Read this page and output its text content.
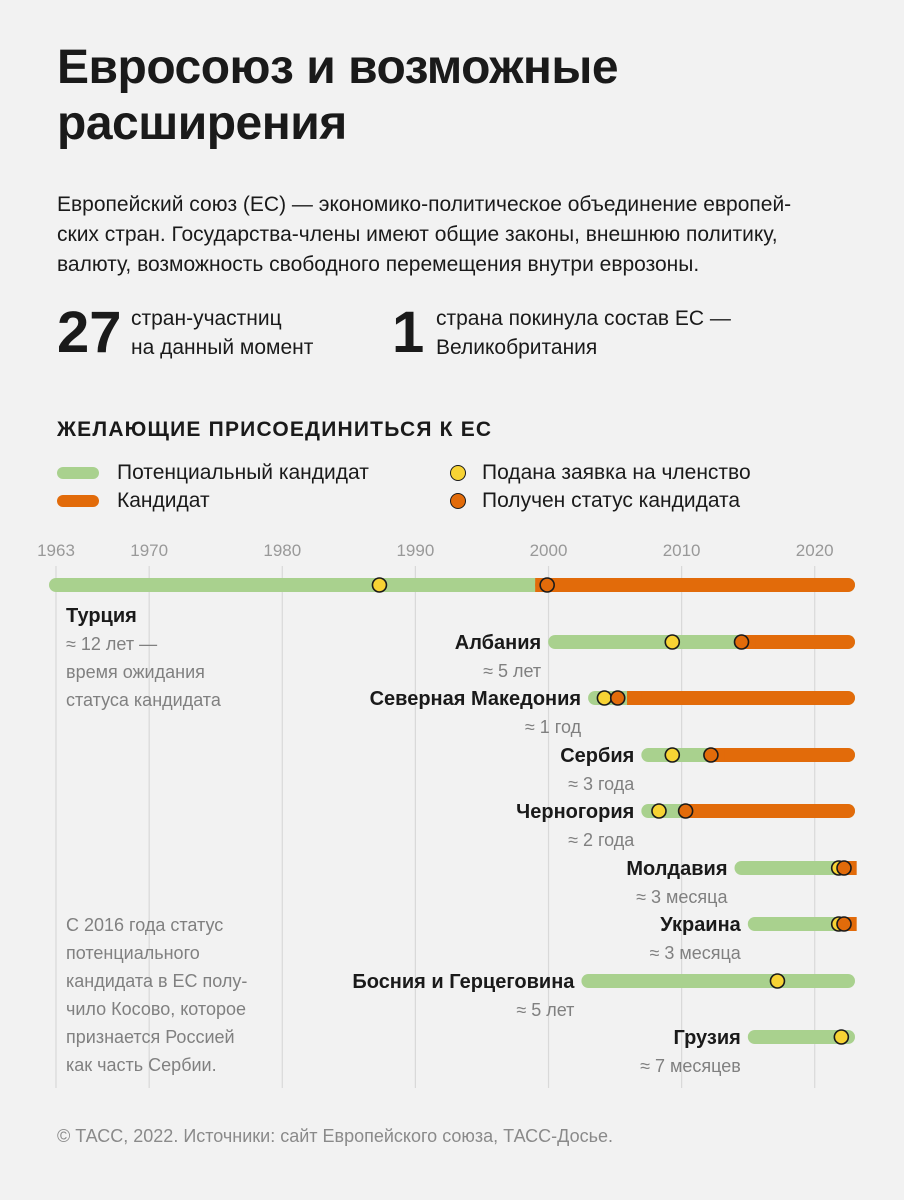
Евросоюз и возможные расширения

Европейский союз (ЕС) — экономико-политическое объединение европей-
ских стран. Государства-члены имеют общие законы, внешнюю политику,
валюту, возможность свободного перемещения внутри еврозоны.

27 стран-участниц
на данный момент 1 страна покинула состав ЕС —
Великобритания
ЖЕЛАЮЩИЕ ПРИСОЕДИНИТЬСЯ К ЕС
Потенциальный кандидат
Кандидат
Подана заявка на членство
Получен статус кандидата
1963	1970	1980	1990	2000	2010	2020
Турция
≈ 12 лет —
время ожидания
статуса кандидата
Албания
≈ 5 лет
Северная Македония
≈ 1 год
Сербия
≈ 3 года
Черногория
≈ 2 года
Молдавия
≈ 3 месяца
Украина
≈ 3 месяца
Босния и Герцеговина
≈ 5 лет
Грузия
≈ 7 месяцев
С 2016 года статус
потенциального
кандидата в ЕС полу-
чило Косово, которое
признается Россией
как часть Сербии.

© ТАСС, 2022. Источники: сайт Европейского союза, ТАСС-Досье.
